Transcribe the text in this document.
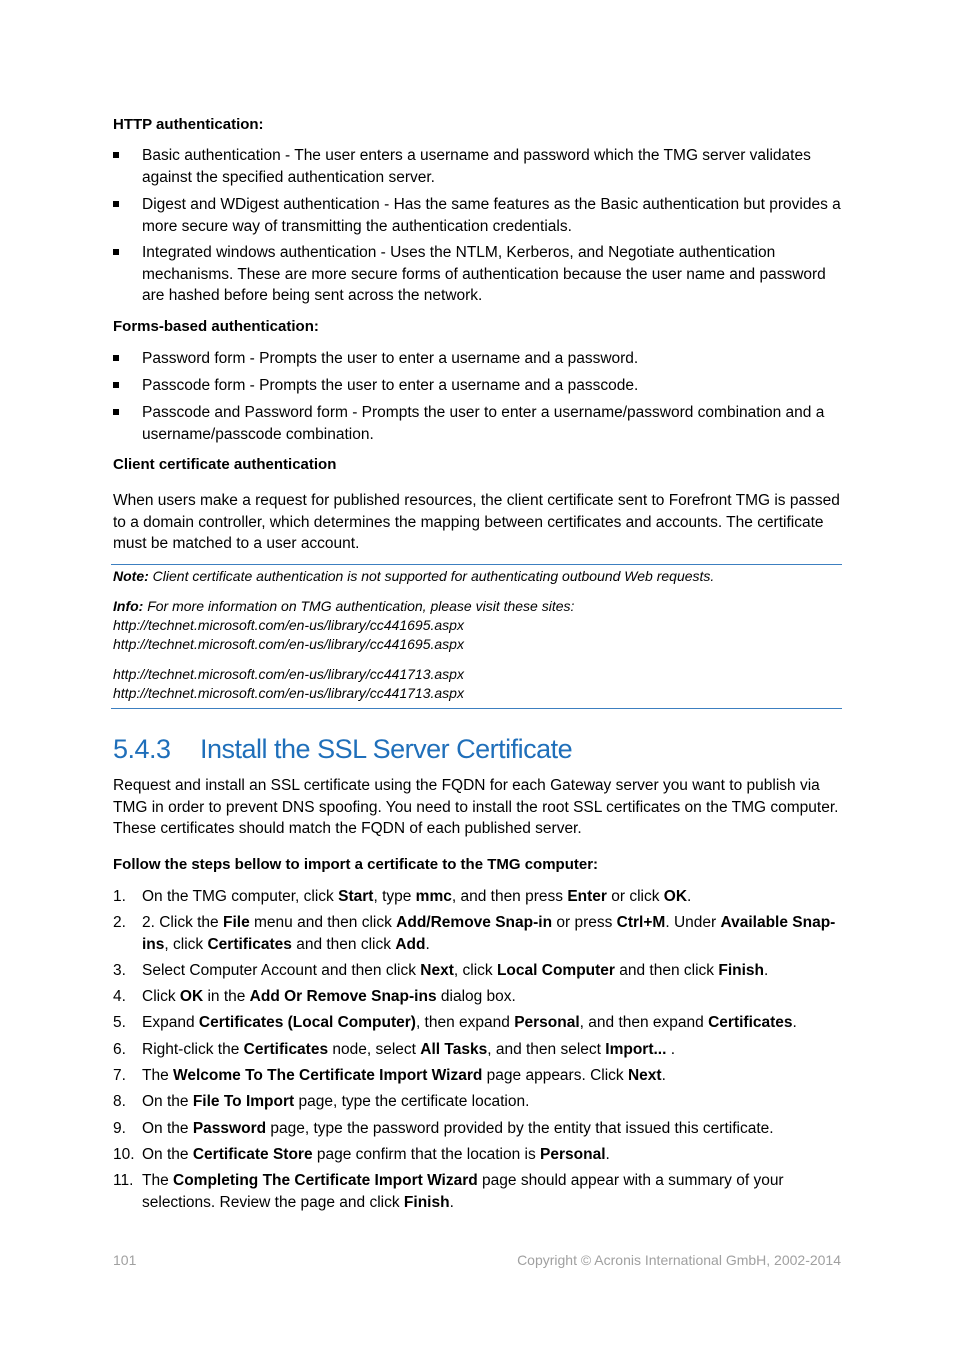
HTTP authentication:
Basic authentication - The user enters a username and password which the TMG server validates against the specified authentication server.
Digest and WDigest authentication - Has the same features as the Basic authentication but provides a more secure way of transmitting the authentication credentials.
Integrated windows authentication - Uses the NTLM, Kerberos, and Negotiate authentication mechanisms. These are more secure forms of authentication because the user name and password are hashed before being sent across the network.
Forms-based authentication:
Password form - Prompts the user to enter a username and a password.
Passcode form - Prompts the user to enter a username and a passcode.
Passcode and Password form - Prompts the user to enter a username/password combination and a username/passcode combination.
Client certificate authentication
When users make a request for published resources, the client certificate sent to Forefront TMG is passed to a domain controller, which determines the mapping between certificates and accounts. The certificate must be matched to a user account.
Note: Client certificate authentication is not supported for authenticating outbound Web requests.
Info: For more information on TMG authentication, please visit these sites:
http://technet.microsoft.com/en-us/library/cc441695.aspx
http://technet.microsoft.com/en-us/library/cc441695.aspx
http://technet.microsoft.com/en-us/library/cc441713.aspx
http://technet.microsoft.com/en-us/library/cc441713.aspx
5.4.3 Install the SSL Server Certificate
Request and install an SSL certificate using the FQDN for each Gateway server you want to publish via TMG in order to prevent DNS spoofing. You need to install the root SSL certificates on the TMG computer. These certificates should match the FQDN of each published server.
Follow the steps bellow to import a certificate to the TMG computer:
1.	On the TMG computer, click Start, type mmc, and then press Enter or click OK.
2.	2. Click the File menu and then click Add/Remove Snap-in or press Ctrl+M. Under Available Snap-ins, click Certificates and then click Add.
3.	Select Computer Account and then click Next, click Local Computer and then click Finish.
4.	Click OK in the Add Or Remove Snap-ins dialog box.
5.	Expand Certificates (Local Computer), then expand Personal, and then expand Certificates.
6.	Right-click the Certificates node, select All Tasks, and then select Import... .
7.	The Welcome To The Certificate Import Wizard page appears. Click Next.
8.	On the File To Import page, type the certificate location.
9.	On the Password page, type the password provided by the entity that issued this certificate.
10. On the Certificate Store page confirm that the location is Personal.
11. The Completing The Certificate Import Wizard page should appear with a summary of your selections. Review the page and click Finish.
101	Copyright © Acronis International GmbH, 2002-2014
